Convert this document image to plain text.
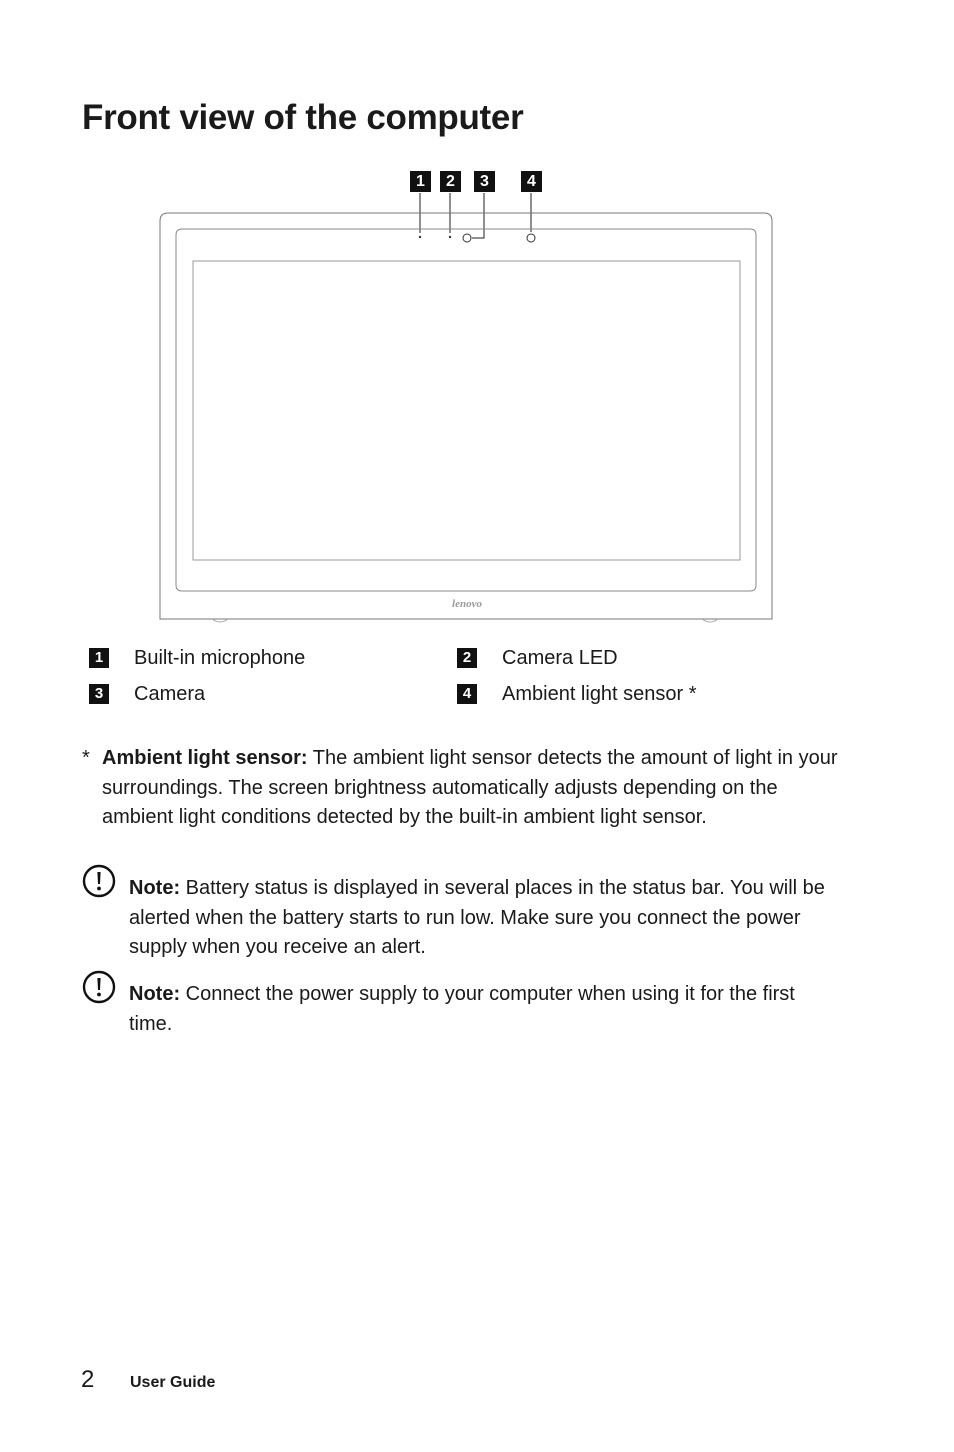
Front view of the computer
lenovo
1	2	3	4
1 Built-in microphone	2 Camera LED
3 Camera	4 Ambient light sensor *
* Ambient light sensor: The ambient light sensor detects the amount of light in your surroundings. The screen brightness automatically adjusts depending on the ambient light conditions detected by the built-in ambient light sensor.
Note: Battery status is displayed in several places in the status bar. You will be alerted when the battery starts to run low. Make sure you connect the power supply when you receive an alert.
Note: Connect the power supply to your computer when using it for the first time.
2 User Guide
